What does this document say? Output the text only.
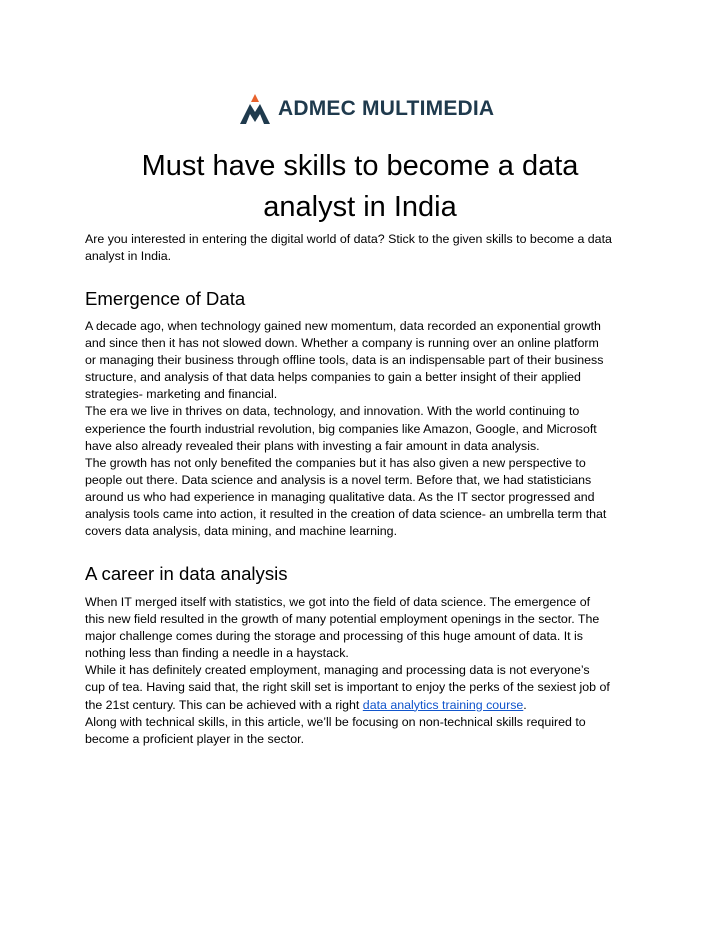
ADMEC MULTIMEDIA
Must have skills to become a data
analyst in India

Are you interested in entering the digital world of data? Stick to the given skills to become a data
analyst in India.

Emergence of Data

A decade ago, when technology gained new momentum, data recorded an exponential growth
and since then it has not slowed down. Whether a company is running over an online platform
or managing their business through offline tools, data is an indispensable part of their business
structure, and analysis of that data helps companies to gain a better insight of their applied
strategies- marketing and financial.
The era we live in thrives on data, technology, and innovation. With the world continuing to
experience the fourth industrial revolution, big companies like Amazon, Google, and Microsoft
have also already revealed their plans with investing a fair amount in data analysis.
The growth has not only benefited the companies but it has also given a new perspective to
people out there. Data science and analysis is a novel term. Before that, we had statisticians
around us who had experience in managing qualitative data. As the IT sector progressed and
analysis tools came into action, it resulted in the creation of data science- an umbrella term that
covers data analysis, data mining, and machine learning.

A career in data analysis

When IT merged itself with statistics, we got into the field of data science. The emergence of
this new field resulted in the growth of many potential employment openings in the sector. The
major challenge comes during the storage and processing of this huge amount of data. It is
nothing less than finding a needle in a haystack.
While it has definitely created employment, managing and processing data is not everyone’s
cup of tea. Having said that, the right skill set is important to enjoy the perks of the sexiest job of
the 21st century. This can be achieved with a right data analytics training course.
Along with technical skills, in this article, we’ll be focusing on non-technical skills required to
become a proficient player in the sector.
